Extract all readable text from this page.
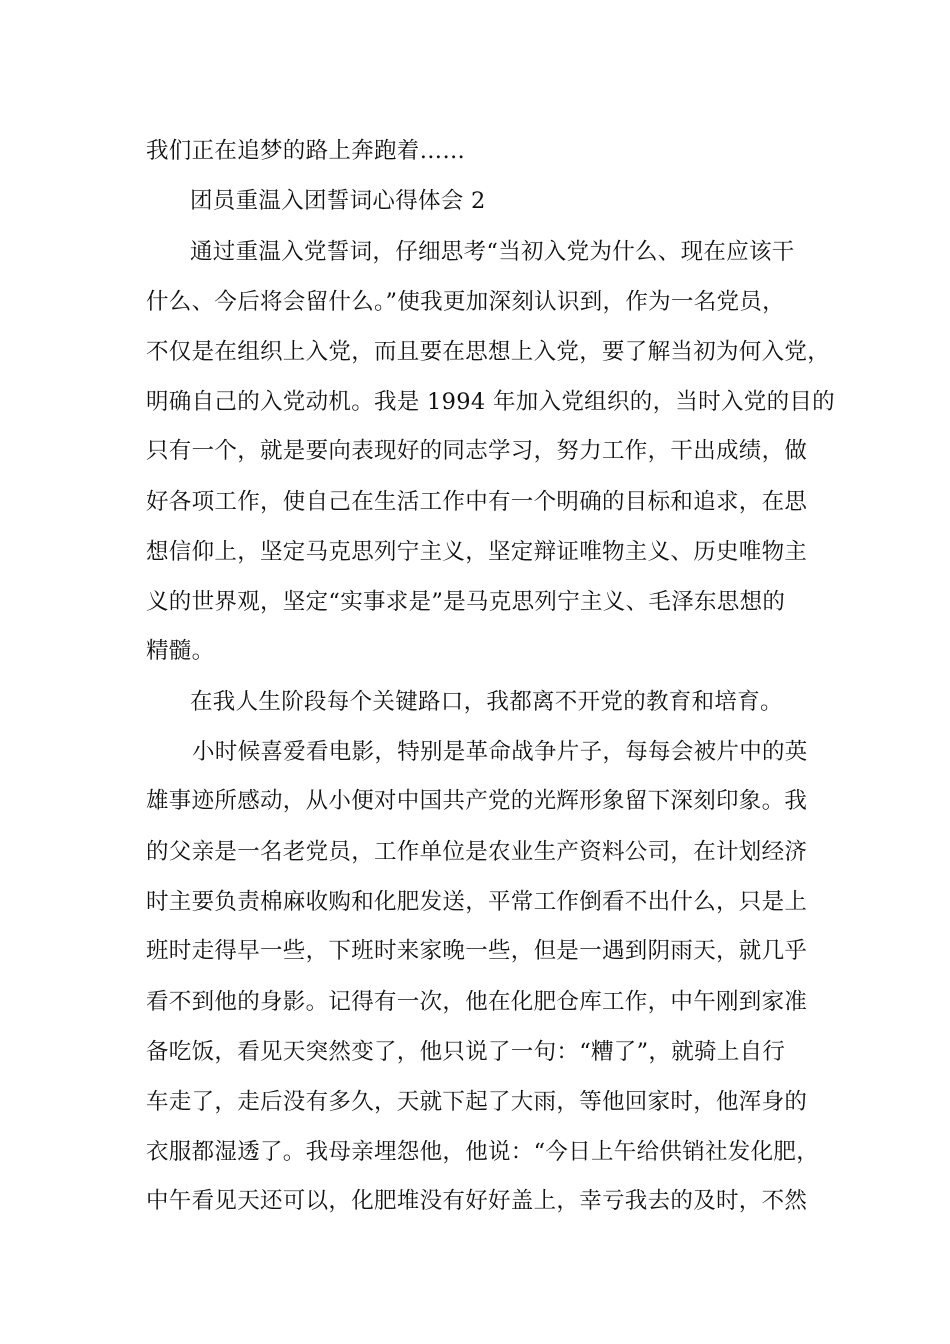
我们正在追梦的路上奔跑着……
团员重温入团誓词心得体会 2
通过重温入党誓词，仔细思考“当初入党为什么、现在应该干
什么、今后将会留什么。”使我更加深刻认识到，作为一名党员，
不仅是在组织上入党，而且要在思想上入党，要了解当初为何入党，
明确自己的入党动机。我是 1994 年加入党组织的，当时入党的目的
只有一个，就是要向表现好的同志学习，努力工作，干出成绩，做
好各项工作，使自己在生活工作中有一个明确的目标和追求，在思
想信仰上，坚定马克思列宁主义，坚定辩证唯物主义、历史唯物主
义的世界观，坚定“实事求是”是马克思列宁主义、毛泽东思想的
精髓。
在我人生阶段每个关键路口，我都离不开党的教育和培育。
小时候喜爱看电影，特别是革命战争片子，每每会被片中的英
雄事迹所感动，从小便对中国共产党的光辉形象留下深刻印象。我
的父亲是一名老党员，工作单位是农业生产资料公司，在计划经济
时主要负责棉麻收购和化肥发送，平常工作倒看不出什么，只是上
班时走得早一些，下班时来家晚一些，但是一遇到阴雨天，就几乎
看不到他的身影。记得有一次，他在化肥仓库工作，中午刚到家准
备吃饭，看见天突然变了，他只说了一句：“糟了”，就骑上自行
车走了，走后没有多久，天就下起了大雨，等他回家时，他浑身的
衣服都湿透了。我母亲埋怨他，他说：“今日上午给供销社发化肥，
中午看见天还可以，化肥堆没有好好盖上，幸亏我去的及时，不然
